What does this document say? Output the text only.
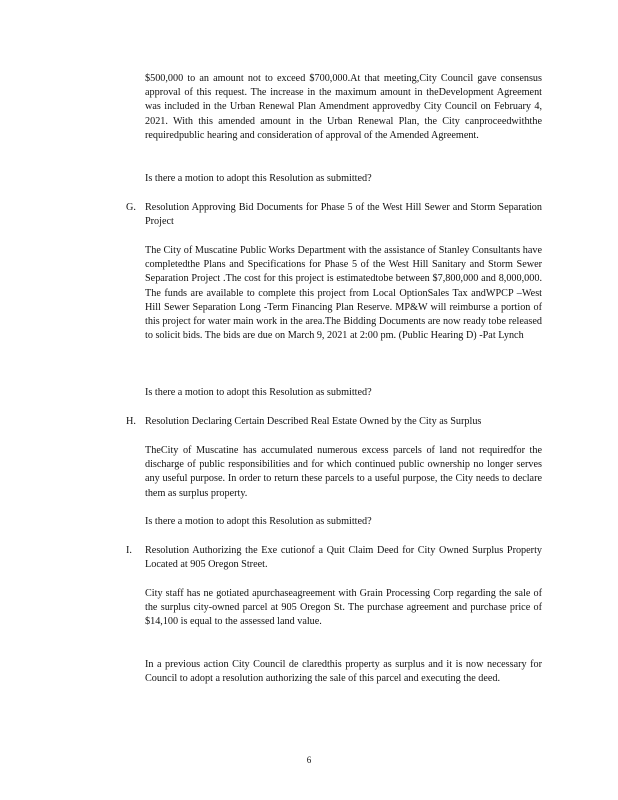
$500,000 to an amount not to exceed $700,000.At that meeting,City Council gave consensus approval of this request. The increase in the maximum amount in theDevelopment Agreement was included in the Urban Renewal Plan Amendment approvedby City Council on February 4, 2021. With this amended amount in the Urban Renewal Plan, the City canproceedwiththe requiredpublic hearing and consideration of approval of the Amended Agreement.

Is there a motion to adopt this Resolution as submitted?

G. Resolution Approving Bid Documents for Phase 5 of the West Hill Sewer and Storm Separation Project

The City of Muscatine Public Works Department with the assistance of Stanley Consultants have completedthe Plans and Specifications for Phase 5 of the West Hill Sanitary and Storm Sewer Separation Project .The cost for this project is estimatedtobe between $7,800,000 and 8,000,000. The funds are available to complete this project from Local OptionSales Tax andWPCP –West Hill Sewer Separation Long -Term Financing Plan Reserve. MP&W will reimburse a portion of this project for water main work in the area.The Bidding Documents are now ready tobe released to solicit bids. The bids are due on March 9, 2021 at 2:00 pm. (Public Hearing D) -Pat Lynch

Is there a motion to adopt this Resolution as submitted?

H. Resolution Declaring Certain Described Real Estate Owned by the City as Surplus

TheCity of Muscatine has accumulated numerous excess parcels of land not requiredfor the discharge of public responsibilities and for which continued public ownership no longer serves any useful purpose. In order to return these parcels to a useful purpose, the City needs to declare them as surplus property.

Is there a motion to adopt this Resolution as submitted?

I. Resolution Authorizing the Exe cutionof a Quit Claim Deed for City Owned Surplus Property Located at 905 Oregon Street.

City staff has ne gotiated apurchaseagreement with Grain Processing Corp regarding the sale of the surplus city-owned parcel at 905 Oregon St. The purchase agreement and purchase price of $14,100 is equal to the assessed land value.

In a previous action City Council de claredthis property as surplus and it is now necessary for Council to adopt a resolution authorizing the sale of this parcel and executing the deed.

6
